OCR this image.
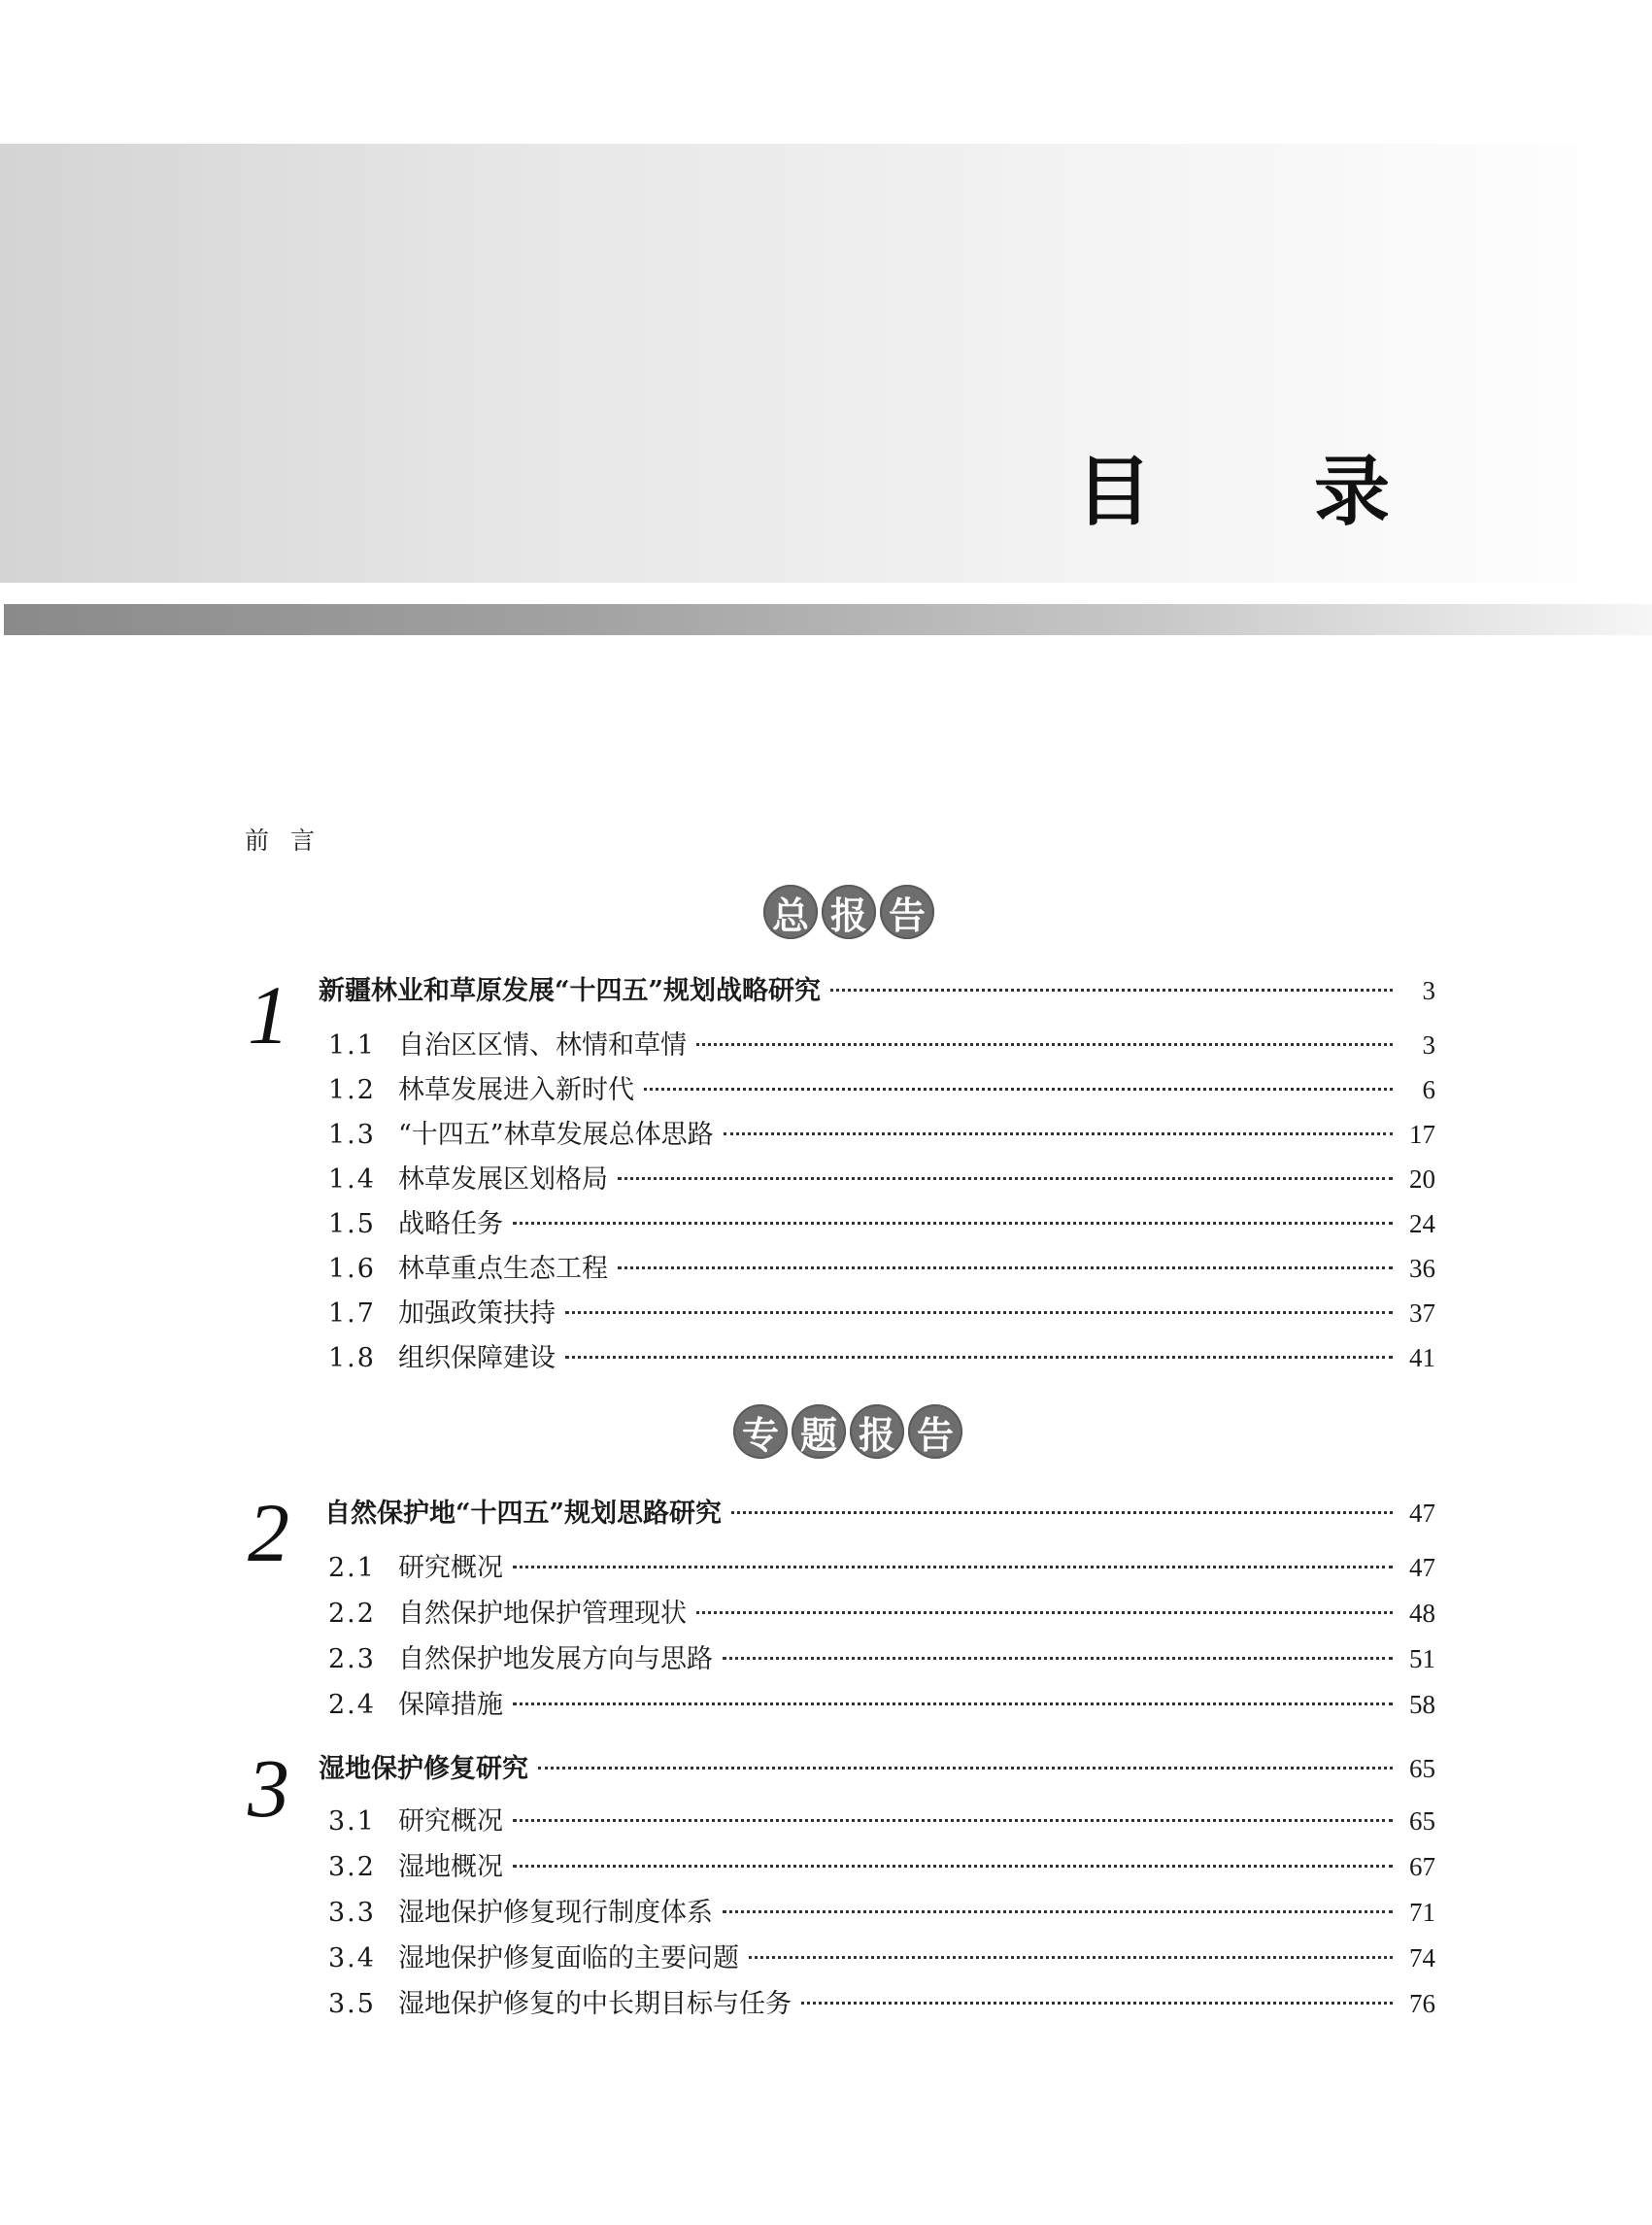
目 录
前言
总 报 告
1 新疆林业和草原发展“十四五”规划战略研究	3
1.1 自治区区情、林情和草情	3
1.2 林草发展进入新时代	6
1.3 “十四五”林草发展总体思路	17
1.4 林草发展区划格局	20
1.5 战略任务	24
1.6 林草重点生态工程	36
1.7 加强政策扶持	37
1.8 组织保障建设	41
专 题 报 告
2 自然保护地“十四五”规划思路研究	47
2.1 研究概况	47
2.2 自然保护地保护管理现状	48
2.3 自然保护地发展方向与思路	51
2.4 保障措施	58
3 湿地保护修复研究	65
3.1 研究概况	65
3.2 湿地概况	67
3.3 湿地保护修复现行制度体系	71
3.4 湿地保护修复面临的主要问题	74
3.5 湿地保护修复的中长期目标与任务	76
